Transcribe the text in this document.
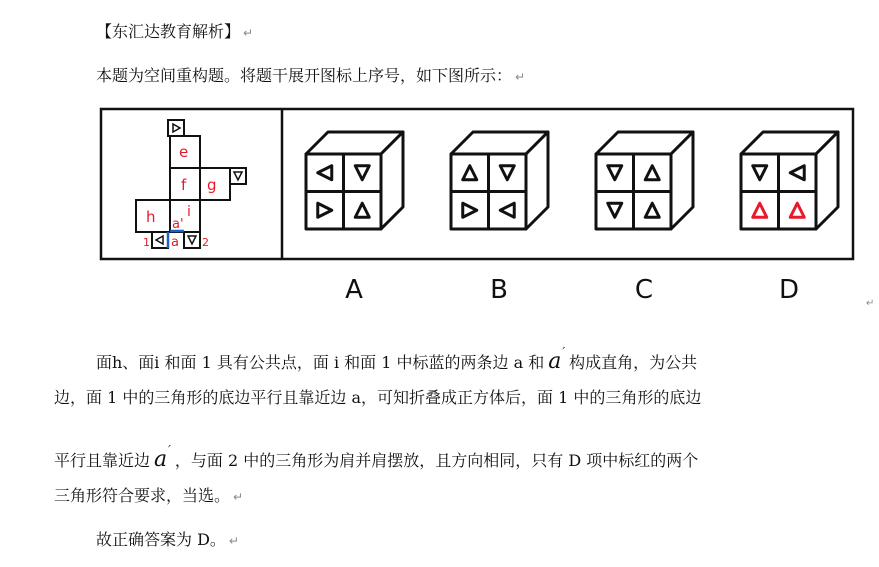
【东汇达教育解析】 ↵
本题为空间重构题。将题干展开图标上序号，如下图所示： ↵
e
f g
h i
a'
a
1	2
A	B	C	D	↵
面h、面i 和面 1 具有公共点，面 i 和面 1 中标蓝的两条边 a 和 a′构成直角，为公共
边，面 1 中的三角形的底边平行且靠近边 a，可知折叠成正方体后，面 1 中的三角形的底边
平行且靠近边 a′，与面 2 中的三角形为肩并肩摆放，且方向相同，只有 D 项中标红的两个
三角形符合要求，当选。 ↵
故正确答案为 D。 ↵
